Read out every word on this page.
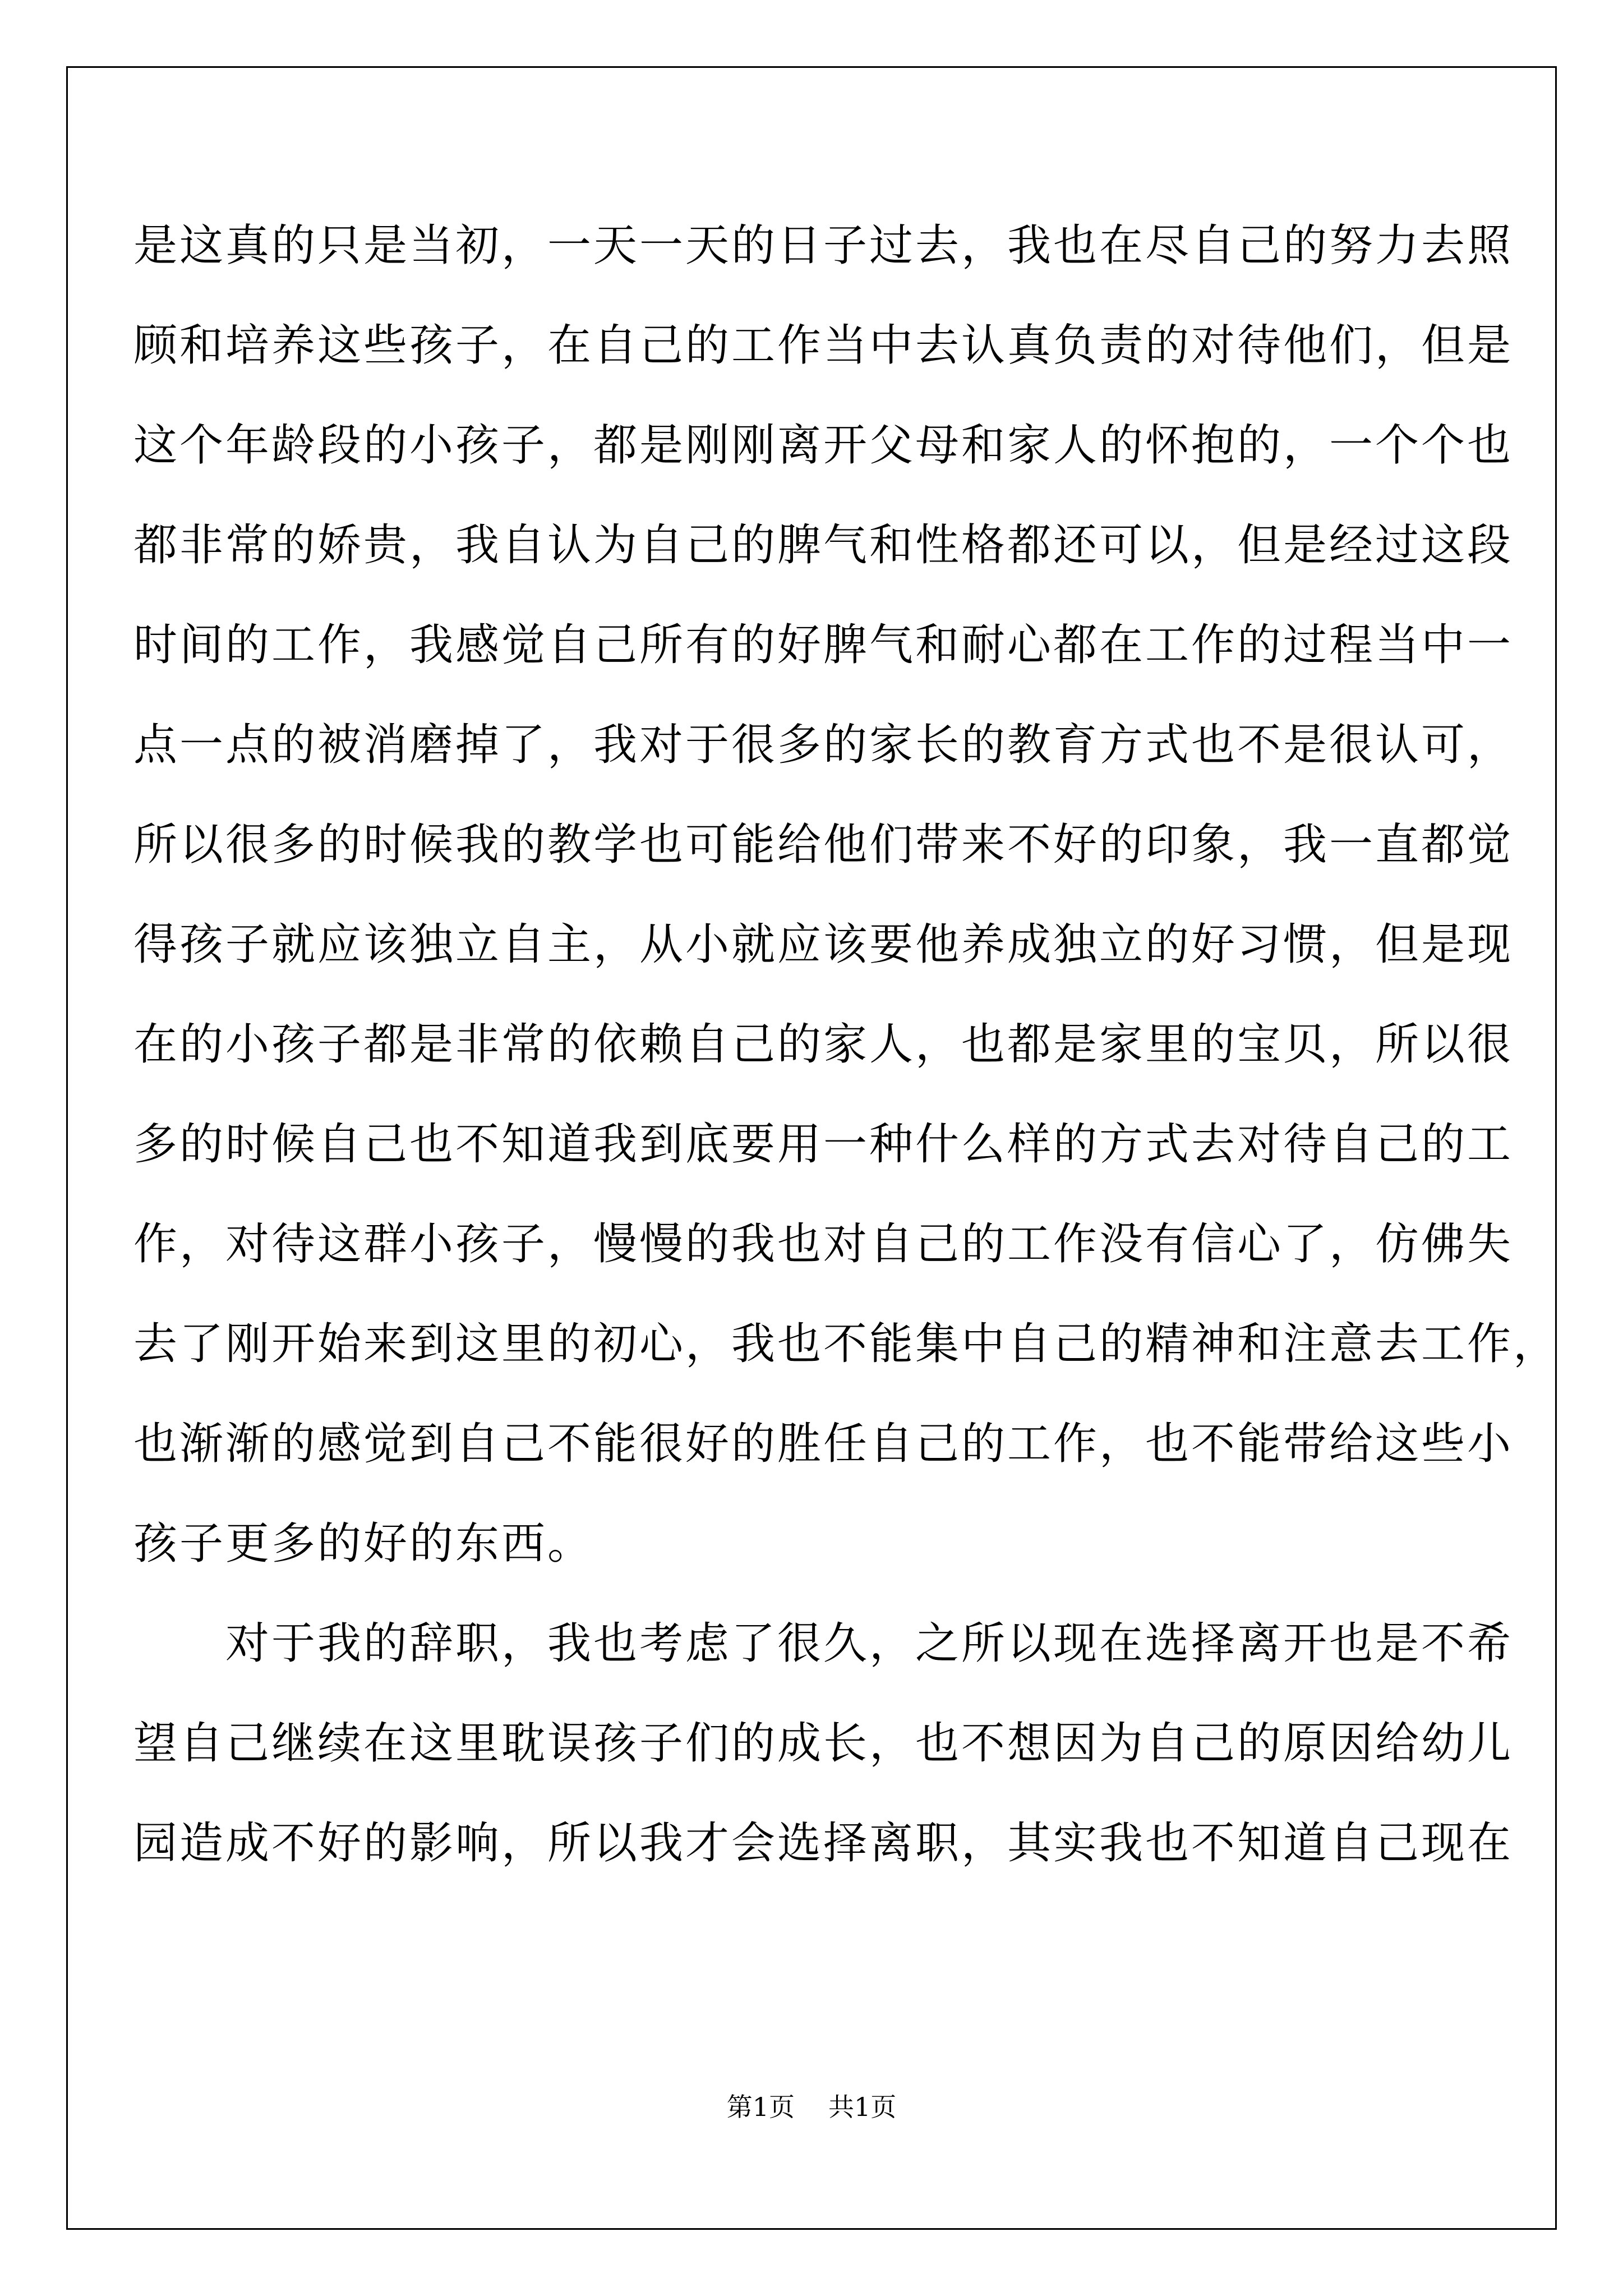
是这真的只是当初，一天一天的日子过去，我也在尽自己的努力去照
顾和培养这些孩子，在自己的工作当中去认真负责的对待他们，但是
这个年龄段的小孩子，都是刚刚离开父母和家人的怀抱的，一个个也
都非常的娇贵，我自认为自己的脾气和性格都还可以，但是经过这段
时间的工作，我感觉自己所有的好脾气和耐心都在工作的过程当中一
点一点的被消磨掉了，我对于很多的家长的教育方式也不是很认可，
所以很多的时候我的教学也可能给他们带来不好的印象，我一直都觉
得孩子就应该独立自主，从小就应该要他养成独立的好习惯，但是现
在的小孩子都是非常的依赖自己的家人，也都是家里的宝贝，所以很
多的时候自己也不知道我到底要用一种什么样的方式去对待自己的工
作，对待这群小孩子，慢慢的我也对自己的工作没有信心了，仿佛失
去了刚开始来到这里的初心，我也不能集中自己的精神和注意去工作，
也渐渐的感觉到自己不能很好的胜任自己的工作，也不能带给这些小
孩子更多的好的东西。
　　对于我的辞职，我也考虑了很久，之所以现在选择离开也是不希
望自己继续在这里耽误孩子们的成长，也不想因为自己的原因给幼儿
园造成不好的影响，所以我才会选择离职，其实我也不知道自己现在
第1页 共1页
